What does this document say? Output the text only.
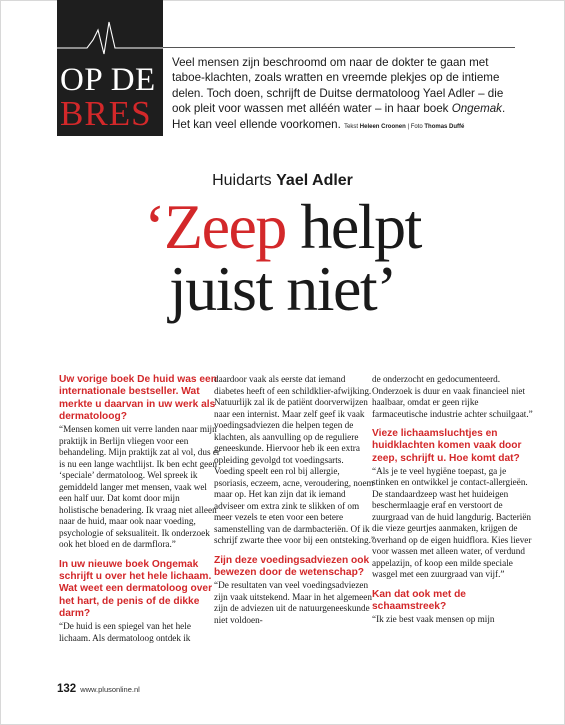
OP DE
BRES
Veel mensen zijn beschroomd om naar de dokter te gaan met taboe-klachten, zoals wratten en vreemde plekjes op de intieme delen. Toch doen, schrijft de Duitse dermatoloog Yael Adler – die ook pleit voor wassen met alléén water – in haar boek Ongemak. Het kan veel ellende voorkomen. Tekst Heleen Croonen | Foto Thomas Duffé
Huidarts Yael Adler
‘Zeep helpt
juist niet’

Uw vorige boek De huid was een internationale bestseller. Wat merkte u daarvan in uw werk als dermatoloog?

“Mensen komen uit verre landen naar mijn praktijk in Berlijn vliegen voor een behandeling. Mijn praktijk zat al vol, dus er is nu een lange wachtlijst. Ik ben echt geen ‘speciale’ dermatoloog. Wel spreek ik gemiddeld langer met mensen, vaak wel een half uur. Dat komt door mijn holistische benadering. Ik vraag niet alleen naar de huid, maar ook naar voeding, psychologie of seksualiteit. Ik onderzoek ook het bloed en de darmflora.”

In uw nieuwe boek Ongemak schrijft u over het hele lichaam. Wat weet een dermatoloog over het hart, de penis of de dikke darm?

“De huid is een spiegel van het hele lichaam. Als dermatoloog ontdek ik

daardoor vaak als eerste dat iemand diabetes heeft of een schildklier-afwijking. Natuurlijk zal ik de patiënt doorverwijzen naar een internist. Maar zelf geef ik vaak voedingsadviezen die helpen tegen de klachten, als aanvulling op de reguliere geneeskunde. Hiervoor heb ik een extra opleiding gevolgd tot voedingsarts. Voeding speelt een rol bij allergie, psoriasis, eczeem, acne, veroudering, noem maar op. Het kan zijn dat ik iemand adviseer om extra zink te slikken of om meer vezels te eten voor een betere samenstelling van de darmbacteriën. Of ik schrijf zwarte thee voor bij een ontsteking.”

Zijn deze voedingsadviezen ook bewezen door de wetenschap?

“De resultaten van veel voedingsadviezen zijn vaak uitstekend. Maar in het algemeen zijn de adviezen uit de natuurgeneeskunde niet voldoen-

de onderzocht en gedocumenteerd. Onderzoek is duur en vaak financieel niet haalbaar, omdat er geen rijke farmaceutische industrie achter schuilgaat.”

Vieze lichaamsluchtjes en huidklachten komen vaak door zeep, schrijft u. Hoe komt dat?

“Als je te veel hygiëne toepast, ga je stinken en ontwikkel je contact-allergieën. De standaardzeep wast het huideigen beschermlaagje eraf en verstoort de zuurgraad van de huid langdurig. Bacteriën die vieze geurtjes aanmaken, krijgen de overhand op de eigen huidflora. Kies liever voor wassen met alleen water, of verdund appelazijn, of koop een milde speciale wasgel met een zuurgraad van vijf.”

Kan dat ook met de schaamstreek?

“Ik zie best vaak mensen op mijn

132 www.plusonline.nl
